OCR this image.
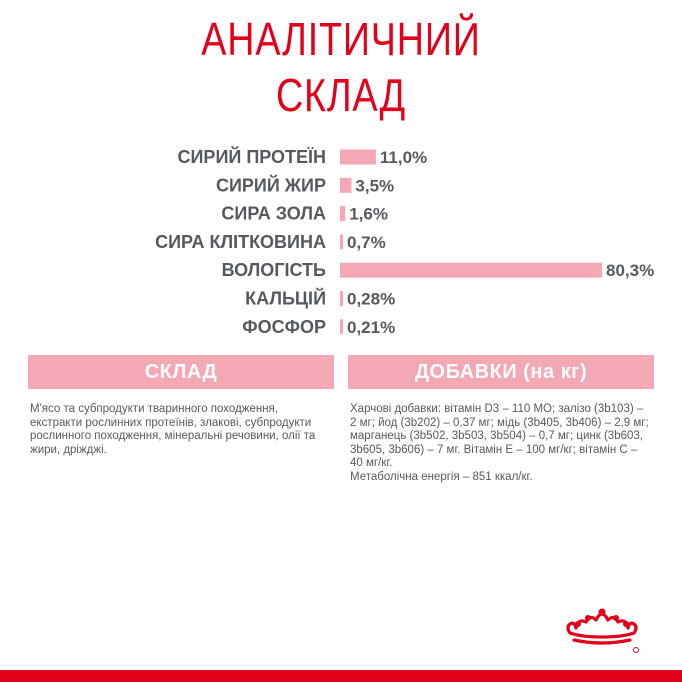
АНАЛІТИЧНИЙ
СКЛАД
СИРИЙ ПРОТЕЇН	11,0%
СИРИЙ ЖИР 3,5%
СИРА ЗОЛА 1,6%
СИРА КЛІТКОВИНА 0,7%
ВОЛОГІСТЬ	80,3%
КАЛЬЦІЙ 0,28%
ФОСФОР 0,21%
СКЛАД	ДОБАВКИ (на кг)
М'ясо та субпродукти тваринного походження, екстракти рослинних протеїнів, злакові, субпродукти рослинного походження, мінеральні речовини, олії та жири, дріжджі.

Харчові добавки: вітамін D3 – 110 МО; залізо (3b103) – 2 мг; йод (3b202) – 0,37 мг; мідь (3b405, 3b406) – 2,9 мг; марганець (3b502, 3b503, 3b504) – 0,7 мг; цинк (3b603, 3b605, 3b606) – 7 мг. Вітамін Е – 100 мг/кг; вітамін С – 40 мг/кг.

Метаболічна енергія – 851 ккал/кг.
